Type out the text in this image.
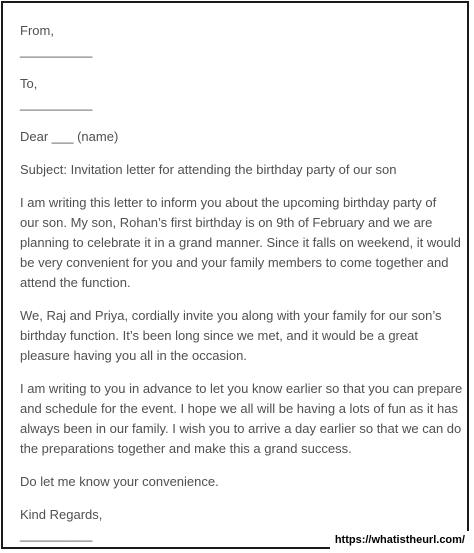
From,
__________
To,
__________
Dear ___ (name)
Subject: Invitation letter for attending the birthday party of our son
I am writing this letter to inform you about the upcoming birthday party of
our son. My son, Rohan’s first birthday is on 9th of February and we are
planning to celebrate it in a grand manner. Since it falls on weekend, it would
be very convenient for you and your family members to come together and
attend the function.
We, Raj and Priya, cordially invite you along with your family for our son’s
birthday function. It’s been long since we met, and it would be a great
pleasure having you all in the occasion.
I am writing to you in advance to let you know earlier so that you can prepare
and schedule for the event. I hope we all will be having a lots of fun as it has
always been in our family. I wish you to arrive a day earlier so that we can do
the preparations together and make this a grand success.
Do let me know your convenience.
Kind Regards,
__________	https://whatistheurl.com/
